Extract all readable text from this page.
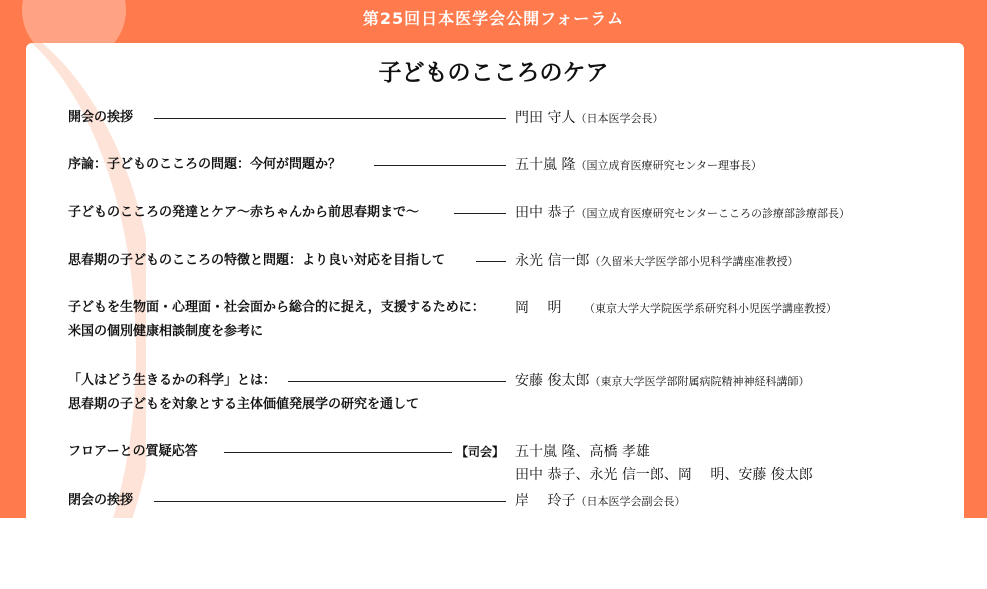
第25回日本医学会公開フォーラム
子どものこころのケア
開会の挨拶	門田 守人（日本医学会長）
序論：子どものこころの問題：今何が問題か？	五十嵐 隆（国立成育医療研究センター理事長）
子どものこころの発達とケア〜赤ちゃんから前思春期まで〜	田中 恭子（国立成育医療研究センターこころの診療部診療部長）
思春期の子どものこころの特徴と問題：より良い対応を目指して	永光 信一郎（久留米大学医学部小児科学講座准教授）
子どもを生物面・心理面・社会面から総合的に捉え，支援するために：
米国の個別健康相談制度を参考に
岡　 明　　（東京大学大学院医学系研究科小児医学講座教授）
「人はどう生きるかの科学」とは：
思春期の子どもを対象とする主体価値発展学の研究を通して
安藤 俊太郎（東京大学医学部附属病院精神神経科講師）
フロアーとの質疑応答	【司会】 五十嵐 隆、高橋 孝雄
田中 恭子、永光 信一郎、岡　 明、安藤 俊太郎
閉会の挨拶	岸　 玲子（日本医学会副会長）
